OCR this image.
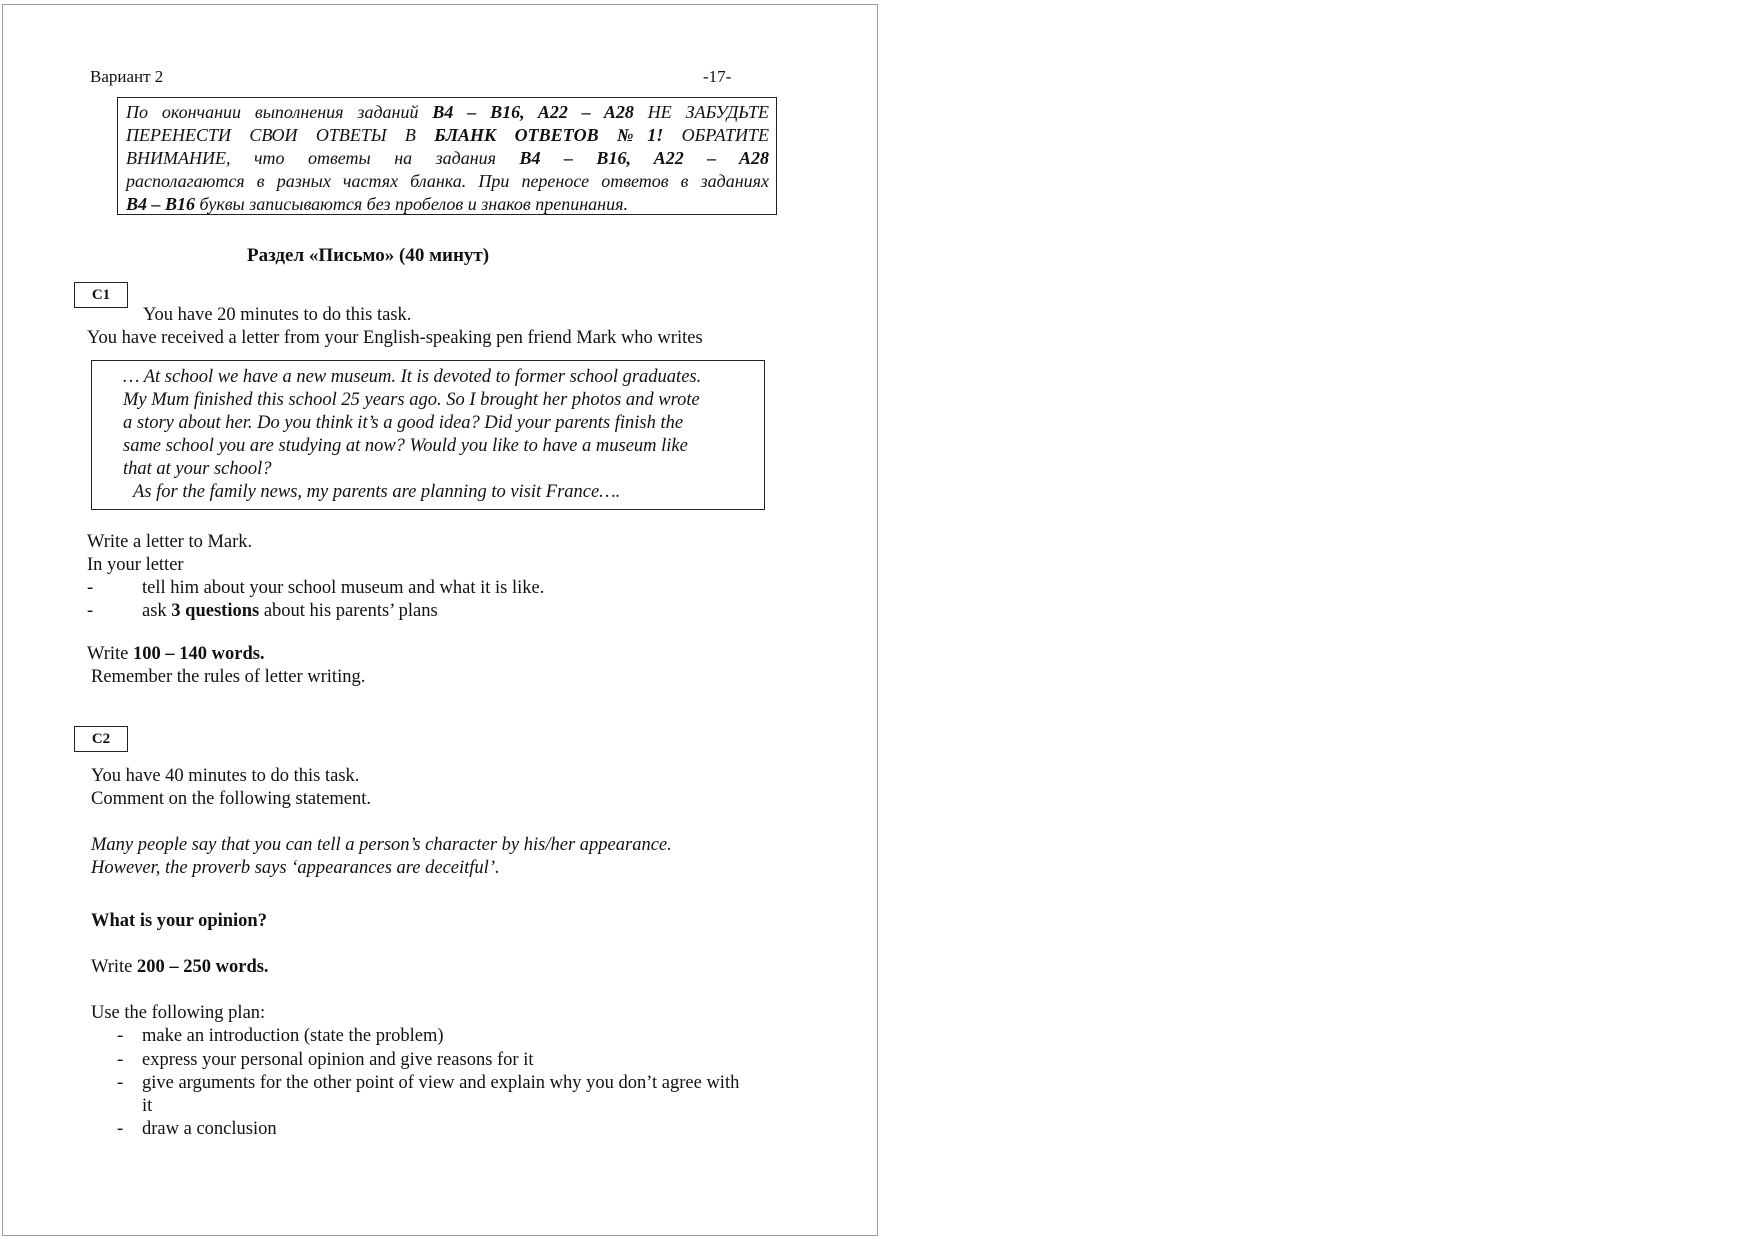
Вариант 2	-17-
По окончании выполнения заданий B4 – B16, A22 – A28 НЕ ЗАБУДЬТЕ
ПЕРЕНЕСТИ СВОИ ОТВЕТЫ В БЛАНК ОТВЕТОВ №1! ОБРАТИТЕ
ВНИМАНИЕ, что ответы на задания B4 – B16, A22 – A28
располагаются в разных частях бланка. При переносе ответов в заданиях
B4 – B16 буквы записываются без пробелов и знаков препинания.
Раздел «Письмо» (40 минут)
C1
You have 20 minutes to do this task.
You have received a letter from your English-speaking pen friend Mark who writes
… At school we have a new museum. It is devoted to former school graduates.
My Mum finished this school 25 years ago. So I brought her photos and wrote
a story about her. Do you think it’s a good idea? Did your parents finish the
same school you are studying at now? Would you like to have a museum like
that at your school?
As for the family news, my parents are planning to visit France….
Write a letter to Mark.
In your letter
-	tell him about your school museum and what it is like.
-	ask 3 questions about his parents’ plans
Write 100 – 140 words.
Remember the rules of letter writing.
C2
You have 40 minutes to do this task.
Comment on the following statement.
Many people say that you can tell a person’s character by his/her appearance.
However, the proverb says ‘appearances are deceitful’.
What is your opinion?
Write 200 – 250 words.
Use the following plan:
- make an introduction (state the problem)
- express your personal opinion and give reasons for it
- give arguments for the other point of view and explain why you don’t agree with
it
- draw a conclusion
